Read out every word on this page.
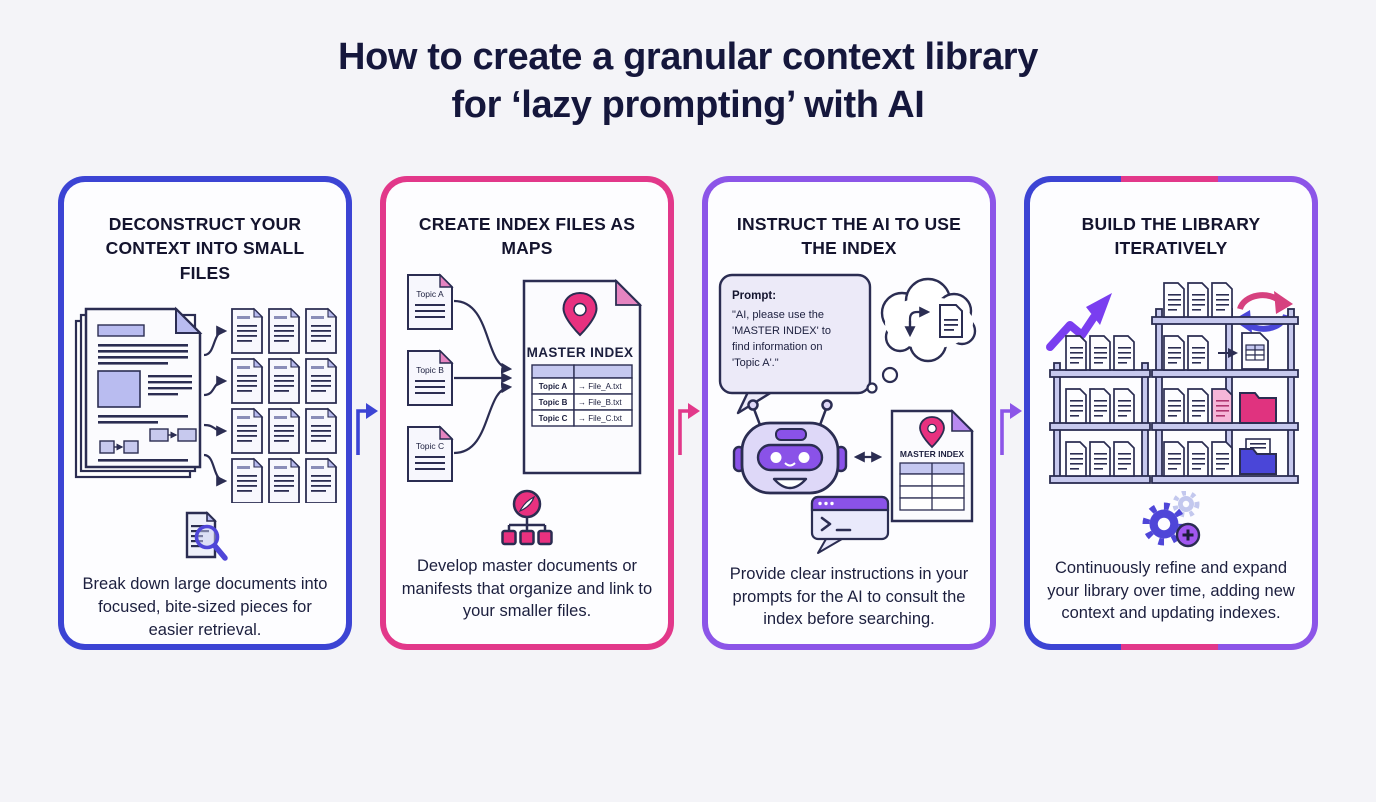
How to create a granular context library
for ‘lazy prompting’ with AI
DECONSTRUCT YOUR CONTEXT INTO SMALL FILES

Break down large documents into focused, bite-sized pieces for easier retrieval.

CREATE INDEX FILES AS MAPS
Topic A
Topic B
Topic C
MASTER INDEX
Topic A → File_A.txt
Topic B → File_B.txt
Topic C → File_C.txt

Develop master documents or manifests that organize and link to your smaller files.

INSTRUCT THE AI TO USE THE INDEX
Prompt:
"AI, please use the
'MASTER INDEX' to
find information on
'Topic A'."
MASTER INDEX

Provide clear instructions in your prompts for the AI to consult the index before searching.

BUILD THE LIBRARY ITERATIVELY

Continuously refine and expand your library over time, adding new context and updating indexes.
